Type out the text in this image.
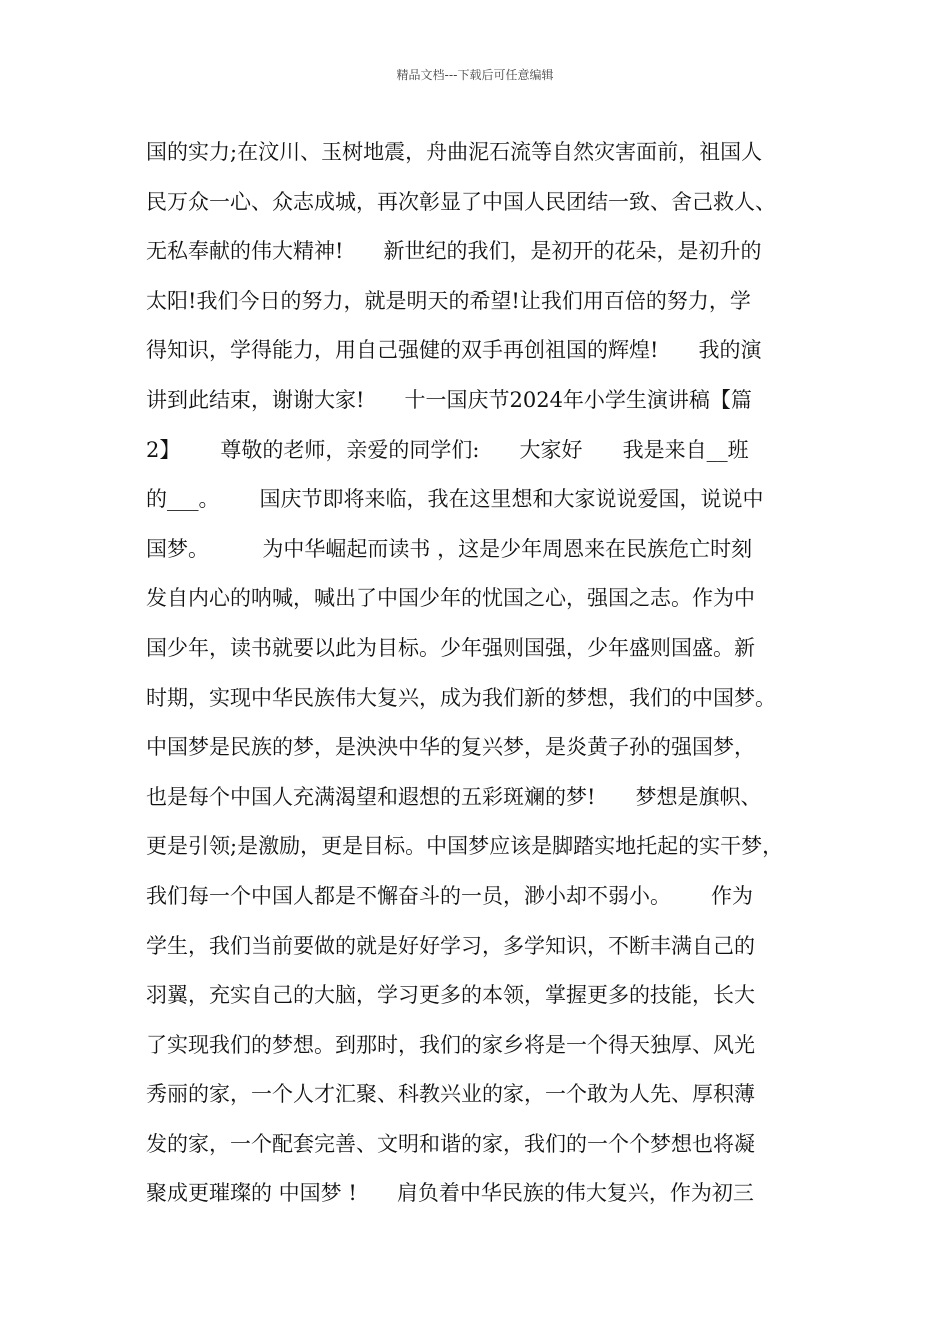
精品文档---下载后可任意编辑
国的实力;在汶川、玉树地震，舟曲泥石流等自然灾害面前，祖国人
民万众一心、众志成城，再次彰显了中国人民团结一致、舍己救人、
无私奉献的伟大精神!      新世纪的我们，是初开的花朵，是初升的
太阳!我们今日的努力，就是明天的希望!让我们用百倍的努力，学
得知识，学得能力，用自己强健的双手再创祖国的辉煌!      我的演
讲到此结束，谢谢大家!      十一国庆节2024年小学生演讲稿【篇
2】      尊敬的老师，亲爱的同学们:      大家好      我是来自__班
的___。      国庆节即将来临，我在这里想和大家说说爱国，说说中
国梦。        为中华崛起而读书 ，这是少年周恩来在民族危亡时刻
发自内心的呐喊，喊出了中国少年的忧国之心，强国之志。作为中
国少年，读书就要以此为目标。少年强则国强，少年盛则国盛。新
时期，实现中华民族伟大复兴，成为我们新的梦想，我们的中国梦。
中国梦是民族的梦，是泱泱中华的复兴梦，是炎黄子孙的强国梦，
也是每个中国人充满渴望和遐想的五彩斑斓的梦!      梦想是旗帜、
更是引领;是激励，更是目标。中国梦应该是脚踏实地托起的实干梦，
我们每一个中国人都是不懈奋斗的一员，渺小却不弱小。      作为
学生，我们当前要做的就是好好学习，多学知识，不断丰满自己的
羽翼，充实自己的大脑，学习更多的本领，掌握更多的技能，长大
了实现我们的梦想。到那时，我们的家乡将是一个得天独厚、风光
秀丽的家，一个人才汇聚、科教兴业的家，一个敢为人先、厚积薄
发的家，一个配套完善、文明和谐的家，我们的一个个梦想也将凝
聚成更璀璨的 中国梦 !      肩负着中华民族的伟大复兴，作为初三
